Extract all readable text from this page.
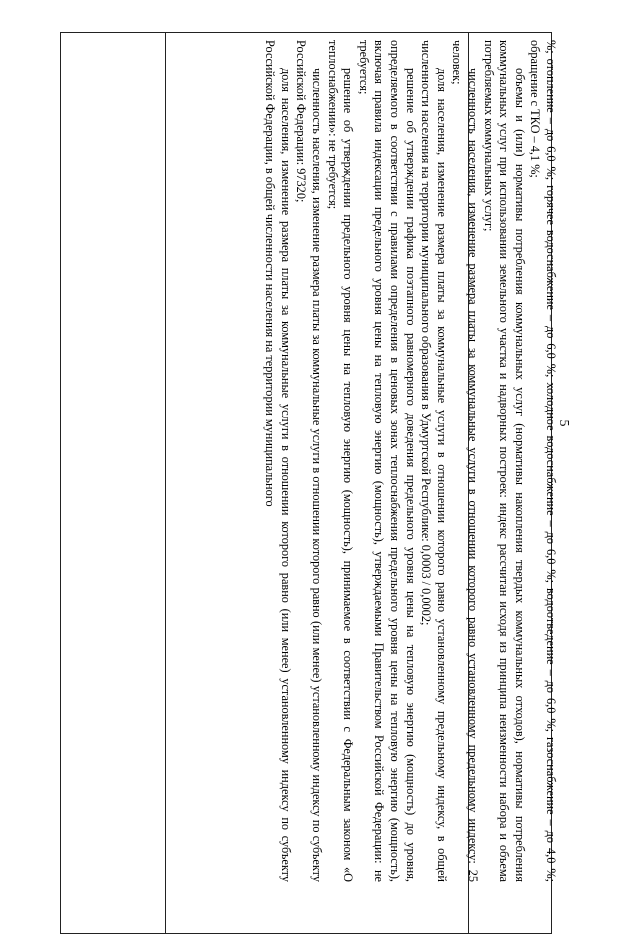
5

%; отопление – до 6,0 %; горячее водоснабжение – до 6,0 %; холодное водоснабжение – до 6,0 %; водоотведение – до 6,0 %; газоснабжение – до 4,0 %; обращение с ТКО – 4,1 %;

объемы и (или) нормативы потребления коммунальных услуг (нормативы накопления твердых коммунальных отходов), нормативы потребления коммунальных услуг при использовании земельного участка и надворных построек: индекс рассчитан исходя из принципа неизменности набора и объема потребляемых коммунальных услуг;

численность населения, изменение размера платы за коммунальные услуги в отношении которого равно установленному предельному индексу: 25 человек;

доля населения, изменение размера платы за коммунальные услуги в отношении которого равно установленному предельному индексу, в общей численности населения на территории муниципального образования в Удмуртской Республике: 0,0003 / 0,0002;

решение об утверждении графика поэтапного равномерного доведения предельного уровня цены на тепловую энергию (мощность) до уровня, определяемого в соответствии с правилами определения в ценовых зонах теплоснабжения предельного уровня цены на тепловую энергию (мощность), включая правила индексации предельного уровня цены на тепловую энергию (мощность), утверждаемыми Правительством Российской Федерации: не требуется;

решение об утверждении предельного уровня цены на тепловую энергию (мощность), принимаемое в соответствии с Федеральным законом «О теплоснабжении»: не требуется;

численность населения, изменение размера платы за коммунальные услуги в отношении которого равно (или менее) установленному индексу по субъекту Российской Федерации: 97320;

доля населения, изменение размера платы за коммунальные услуги в отношении которого равно (или менее) установленному индексу по субъекту Российской Федерации, в общей численности населения на территории муниципального
